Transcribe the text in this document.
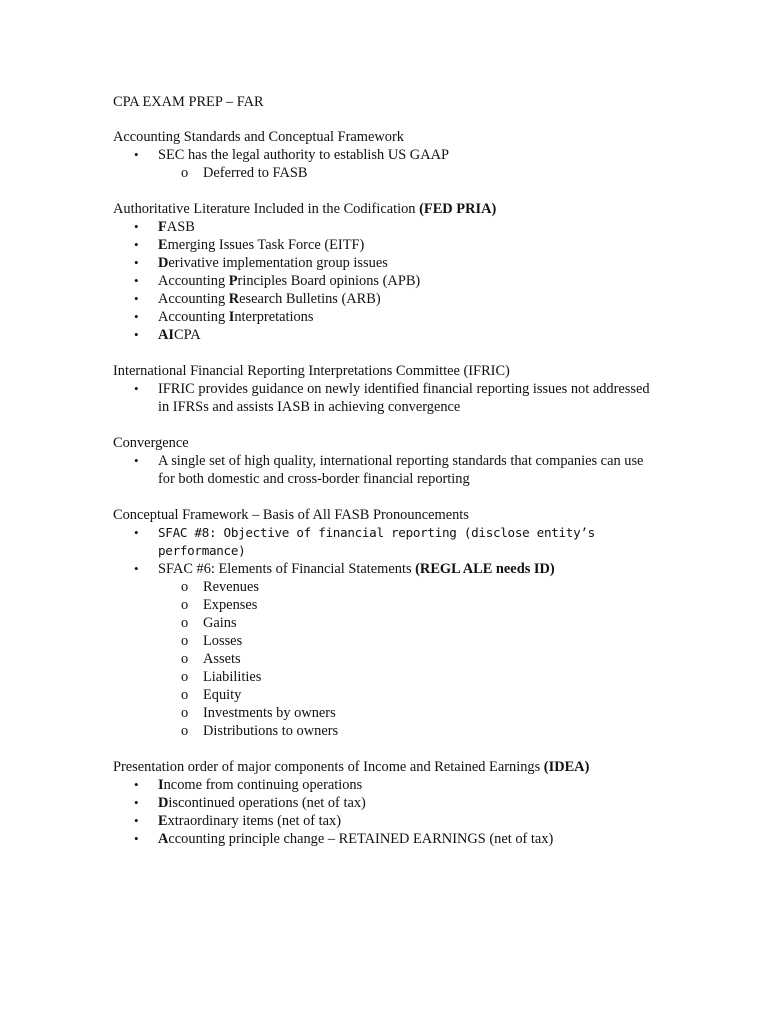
CPA EXAM PREP – FAR

Accounting Standards and Conceptual Framework

• SEC has the legal authority to establish US GAAP
o Deferred to FASB

Authoritative Literature Included in the Codification (FED PRIA)

• FASB
• Emerging Issues Task Force (EITF)
• Derivative implementation group issues
• Accounting Principles Board opinions (APB)
• Accounting Research Bulletins (ARB)
• Accounting Interpretations
• AICPA

International Financial Reporting Interpretations Committee (IFRIC)

• IFRIC provides guidance on newly identified financial reporting issues not addressed in IFRSs and assists IASB in achieving convergence

Convergence

• A single set of high quality, international reporting standards that companies can use for both domestic and cross-border financial reporting

Conceptual Framework – Basis of All FASB Pronouncements

• SFAC #8: Objective of financial reporting (disclose entity’s performance)
• SFAC #6: Elements of Financial Statements (REGL ALE needs ID)
o Revenues
o Expenses
o Gains
o Losses
o Assets
o Liabilities
o Equity
o Investments by owners
o Distributions to owners

Presentation order of major components of Income and Retained Earnings (IDEA)

• Income from continuing operations
• Discontinued operations (net of tax)
• Extraordinary items (net of tax)
• Accounting principle change – RETAINED EARNINGS (net of tax)
